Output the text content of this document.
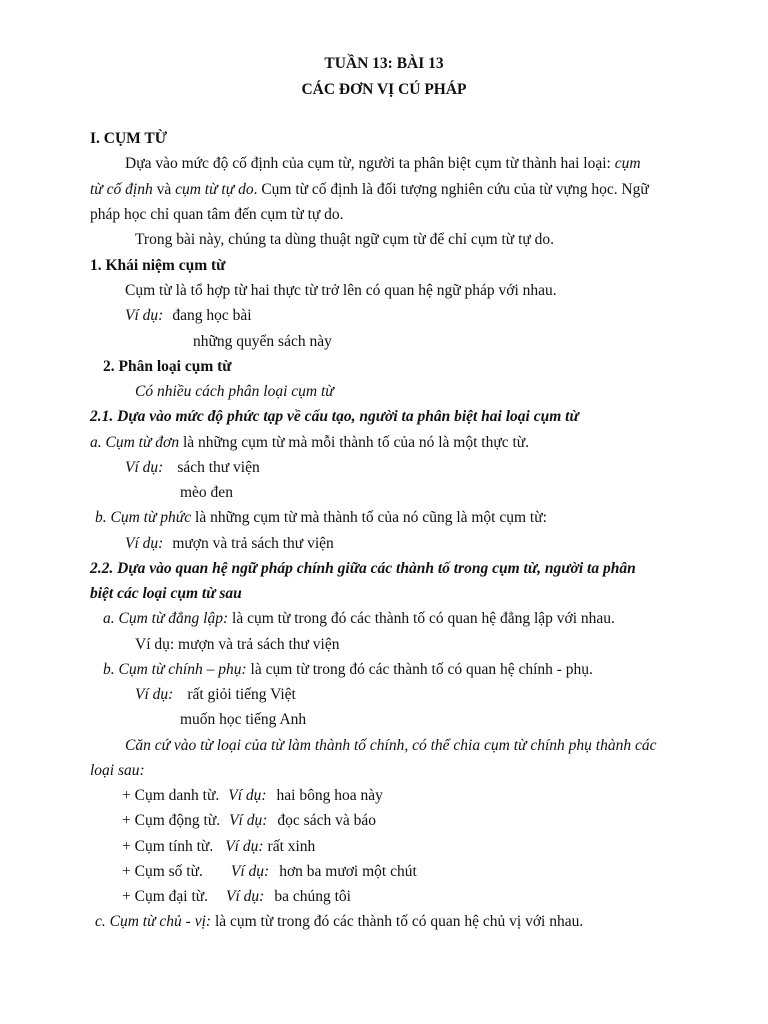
TUẦN 13: BÀI 13
CÁC ĐƠN VỊ CÚ PHÁP
I. CỤM TỪ
Dựa vào mức độ cố định của cụm từ, người ta phân biệt cụm từ thành hai loại: cụm
từ cố định và cụm từ tự do. Cụm từ cố định là đối tượng nghiên cứu của từ vựng học. Ngữ
pháp học chỉ quan tâm đến cụm từ tự do.
Trong bài này, chúng ta dùng thuật ngữ cụm từ để chỉ cụm từ tự do.
1. Khái niệm cụm từ
Cụm từ là tổ hợp từ hai thực từ trở lên có quan hệ ngữ pháp với nhau.
Ví dụ: đang học bài
những quyển sách này
2. Phân loại cụm từ
Có nhiều cách phân loại cụm từ
2.1. Dựa vào mức độ phức tạp về cấu tạo, người ta phân biệt hai loại cụm từ
a. Cụm từ đơn là những cụm từ mà mỗi thành tố của nó là một thực từ.
Ví dụ: sách thư viện
mèo đen
b. Cụm từ phức là những cụm từ mà thành tố của nó cũng là một cụm từ:
Ví dụ: mượn và trả sách thư viện
2.2. Dựa vào quan hệ ngữ pháp chính giữa các thành tố trong cụm từ, người ta phân
biệt các loại cụm từ sau
a. Cụm từ đẳng lập: là cụm từ trong đó các thành tố có quan hệ đẳng lập với nhau.
Ví dụ: mượn và trả sách thư viện
b. Cụm từ chính – phụ: là cụm từ trong đó các thành tố có quan hệ chính - phụ.
Ví dụ: rất giỏi tiếng Việt
muốn học tiếng Anh
Căn cứ vào từ loại của từ làm thành tố chính, có thể chia cụm từ chính phụ thành các
loại sau:
+ Cụm danh từ. Ví dụ: hai bông hoa này
+ Cụm động từ. Ví dụ: đọc sách và báo
+ Cụm tính từ. Ví dụ: rất xinh
+ Cụm số từ. Ví dụ: hơn ba mươi một chút
+ Cụm đại từ. Ví dụ: ba chúng tôi
c. Cụm từ chủ - vị: là cụm từ trong đó các thành tố có quan hệ chủ vị với nhau.
